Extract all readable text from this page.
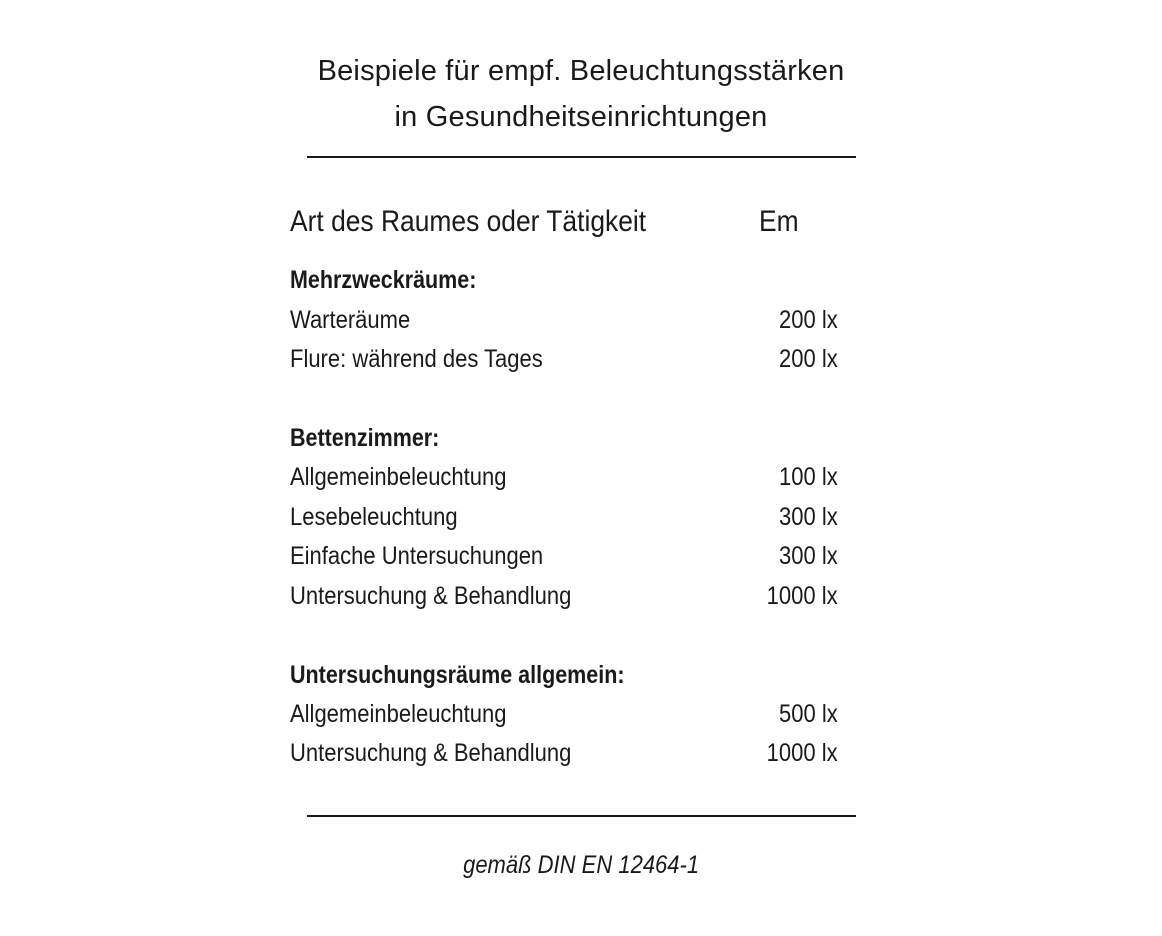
Beispiele für empf. Beleuchtungsstärken
in Gesundheitseinrichtungen
Art des Raumes oder Tätigkeit	Em
Mehrzweckräume:
Warteräume	200 lx
Flure: während des Tages	200 lx
Bettenzimmer:
Allgemeinbeleuchtung	100 lx
Lesebeleuchtung	300 lx
Einfache Untersuchungen	300 lx
Untersuchung & Behandlung	1000 lx
Untersuchungsräume allgemein:
Allgemeinbeleuchtung	500 lx
Untersuchung & Behandlung	1000 lx
gemäß DIN EN 12464-1
